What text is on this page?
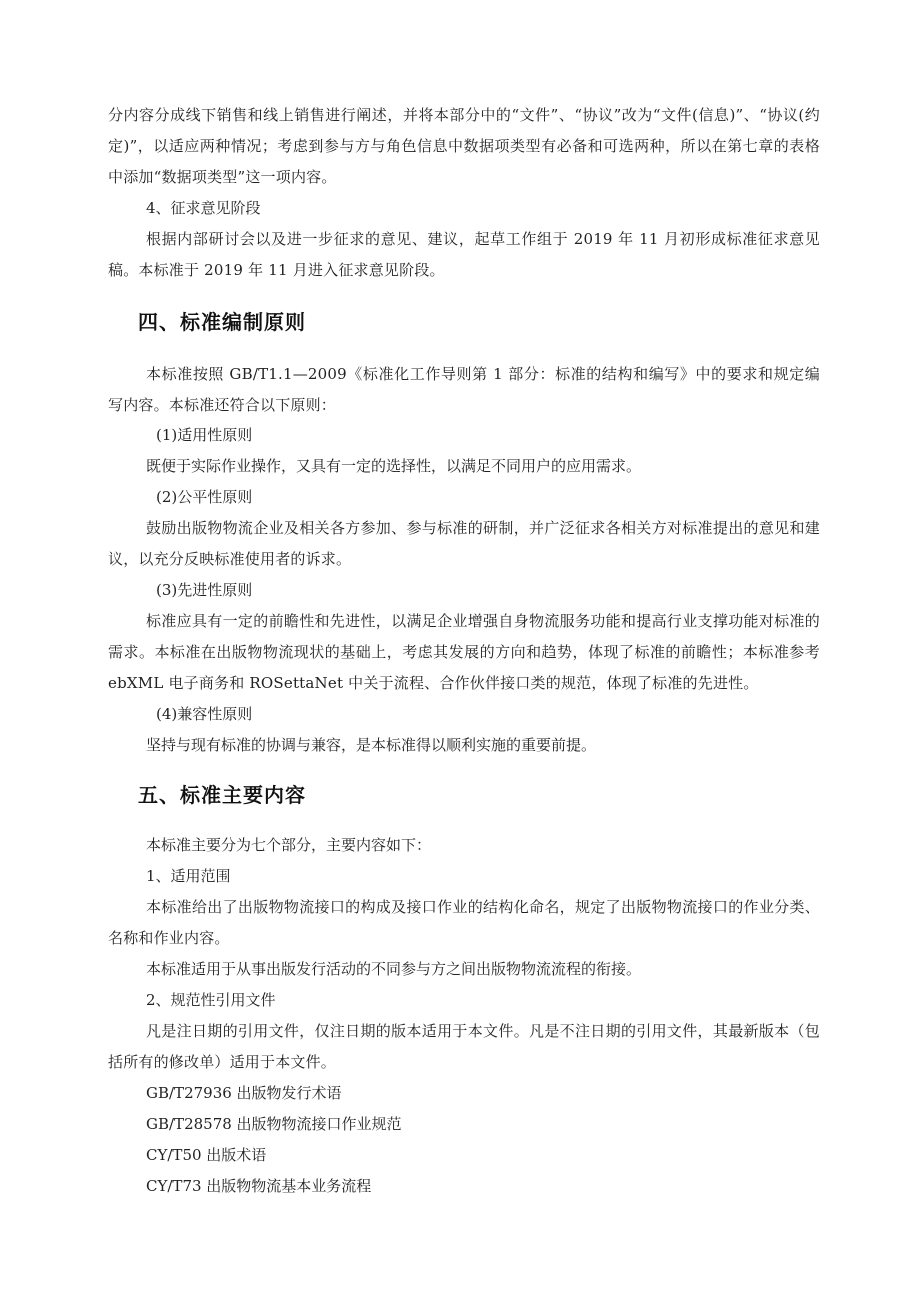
分内容分成线下销售和线上销售进行阐述，并将本部分中的“文件”、“协议”改为“文件(信息)”、“协议(约定)”，以适应两种情况；考虑到参与方与角色信息中数据项类型有必备和可选两种，所以在第七章的表格中添加“数据项类型”这一项内容。

4、征求意见阶段

根据内部研讨会以及进一步征求的意见、建议，起草工作组于 2019 年 11 月初形成标准征求意见稿。本标准于 2019 年 11 月进入征求意见阶段。

四、标准编制原则

本标准按照 GB/T1.1—2009《标准化工作导则第 1 部分：标准的结构和编写》中的要求和规定编写内容。本标准还符合以下原则：

(1)适用性原则
既便于实际作业操作，又具有一定的选择性，以满足不同用户的应用需求。
(2)公平性原则

鼓励出版物物流企业及相关各方参加、参与标准的研制，并广泛征求各相关方对标准提出的意见和建议，以充分反映标准使用者的诉求。

(3)先进性原则

标准应具有一定的前瞻性和先进性，以满足企业增强自身物流服务功能和提高行业支撑功能对标准的需求。本标准在出版物物流现状的基础上，考虑其发展的方向和趋势，体现了标准的前瞻性；本标准参考 ebXML 电子商务和 ROSettaNet 中关于流程、合作伙伴接口类的规范，体现了标准的先进性。

(4)兼容性原则
坚持与现有标准的协调与兼容，是本标准得以顺利实施的重要前提。
五、标准主要内容
本标准主要分为七个部分，主要内容如下：
1、适用范围

本标准给出了出版物物流接口的构成及接口作业的结构化命名，规定了出版物物流接口的作业分类、名称和作业内容。

本标准适用于从事出版发行活动的不同参与方之间出版物物流流程的衔接。
2、规范性引用文件

凡是注日期的引用文件，仅注日期的版本适用于本文件。凡是不注日期的引用文件，其最新版本（包括所有的修改单）适用于本文件。

GB/T27936 出版物发行术语
GB/T28578 出版物物流接口作业规范
CY/T50 出版术语
CY/T73 出版物物流基本业务流程
